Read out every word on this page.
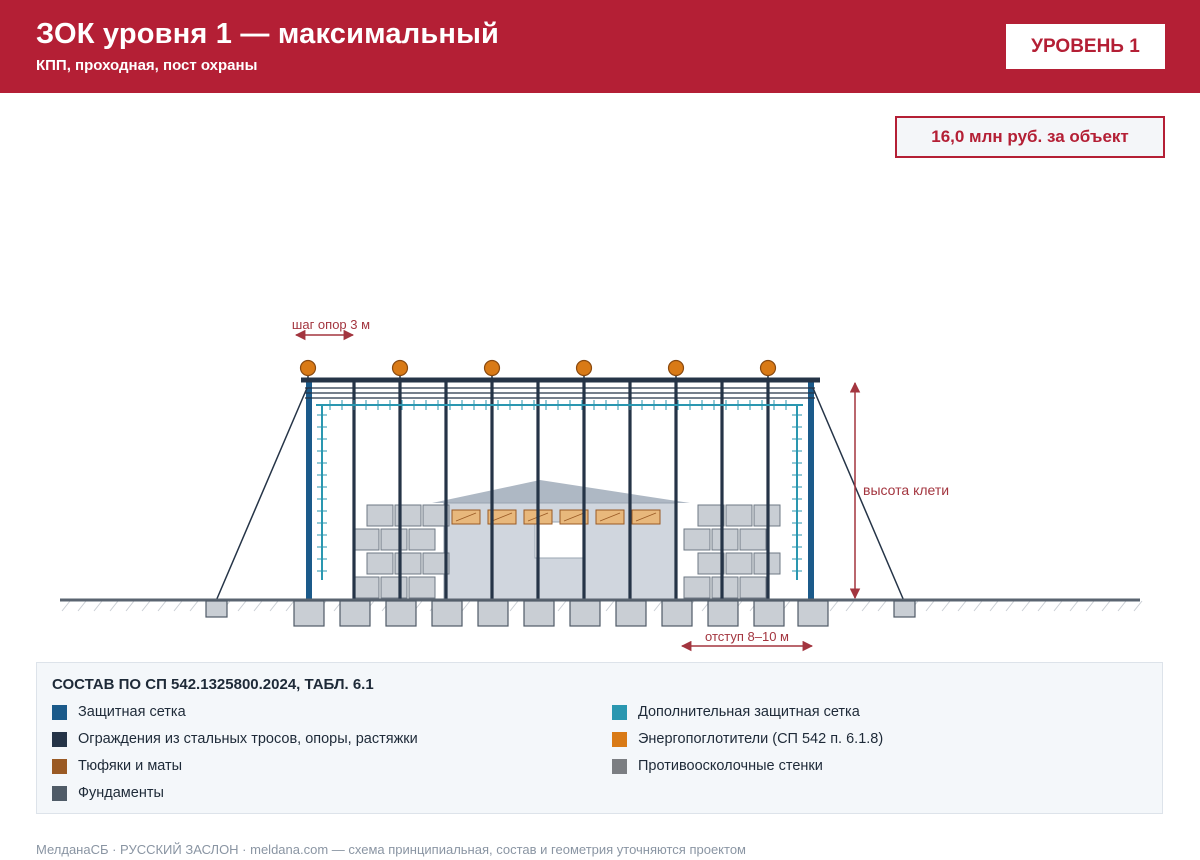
ЗОК уровня 1 — максимальный
КПП, проходная, пост охраны
УРОВЕНЬ 1
16,0 млн руб. за объект
шаг опор 3 м
высота клети
отступ 8–10 м
СОСТАВ ПО СП 542.1325800.2024, ТАБЛ. 6.1
Защитная сетка	Дополнительная защитная сетка
Ограждения из стальных тросов, опоры, растяжки	Энергопоглотители (СП 542 п. 6.1.8)
Тюфяки и маты	Противоосколочные стенки
Фундаменты
МелданаСБ · РУССКИЙ ЗАСЛОН · meldana.com — схема принципиальная, состав и геометрия уточняются проектом
